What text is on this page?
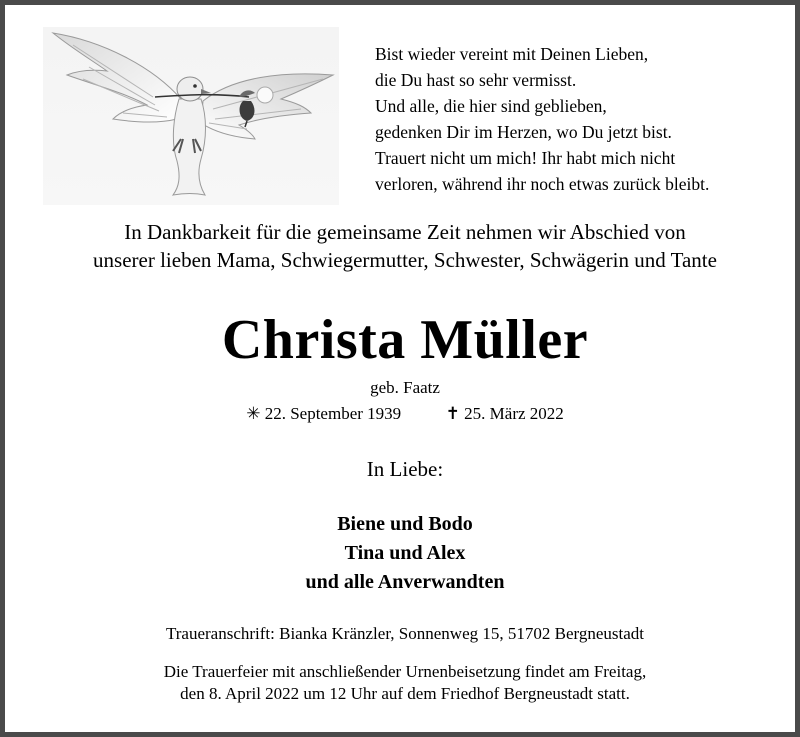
Bist wieder vereint mit Deinen Lieben,
die Du hast so sehr vermisst.
Und alle, die hier sind geblieben,
gedenken Dir im Herzen, wo Du jetzt bist.
Trauert nicht um mich! Ihr habt mich nicht
verloren, während ihr noch etwas zurück bleibt.
In Dankbarkeit für die gemeinsame Zeit nehmen wir Abschied von
unserer lieben Mama, Schwiegermutter, Schwester, Schwägerin und Tante
Christa Müller
geb. Faatz
✳ 22. September 1939	✝ 25. März 2022
In Liebe:
Biene und Bodo
Tina und Alex
und alle Anverwandten
Traueranschrift: Bianka Kränzler, Sonnenweg 15, 51702 Bergneustadt
Die Trauerfeier mit anschließender Urnenbeisetzung findet am Freitag,
den 8. April 2022 um 12 Uhr auf dem Friedhof Bergneustadt statt.
